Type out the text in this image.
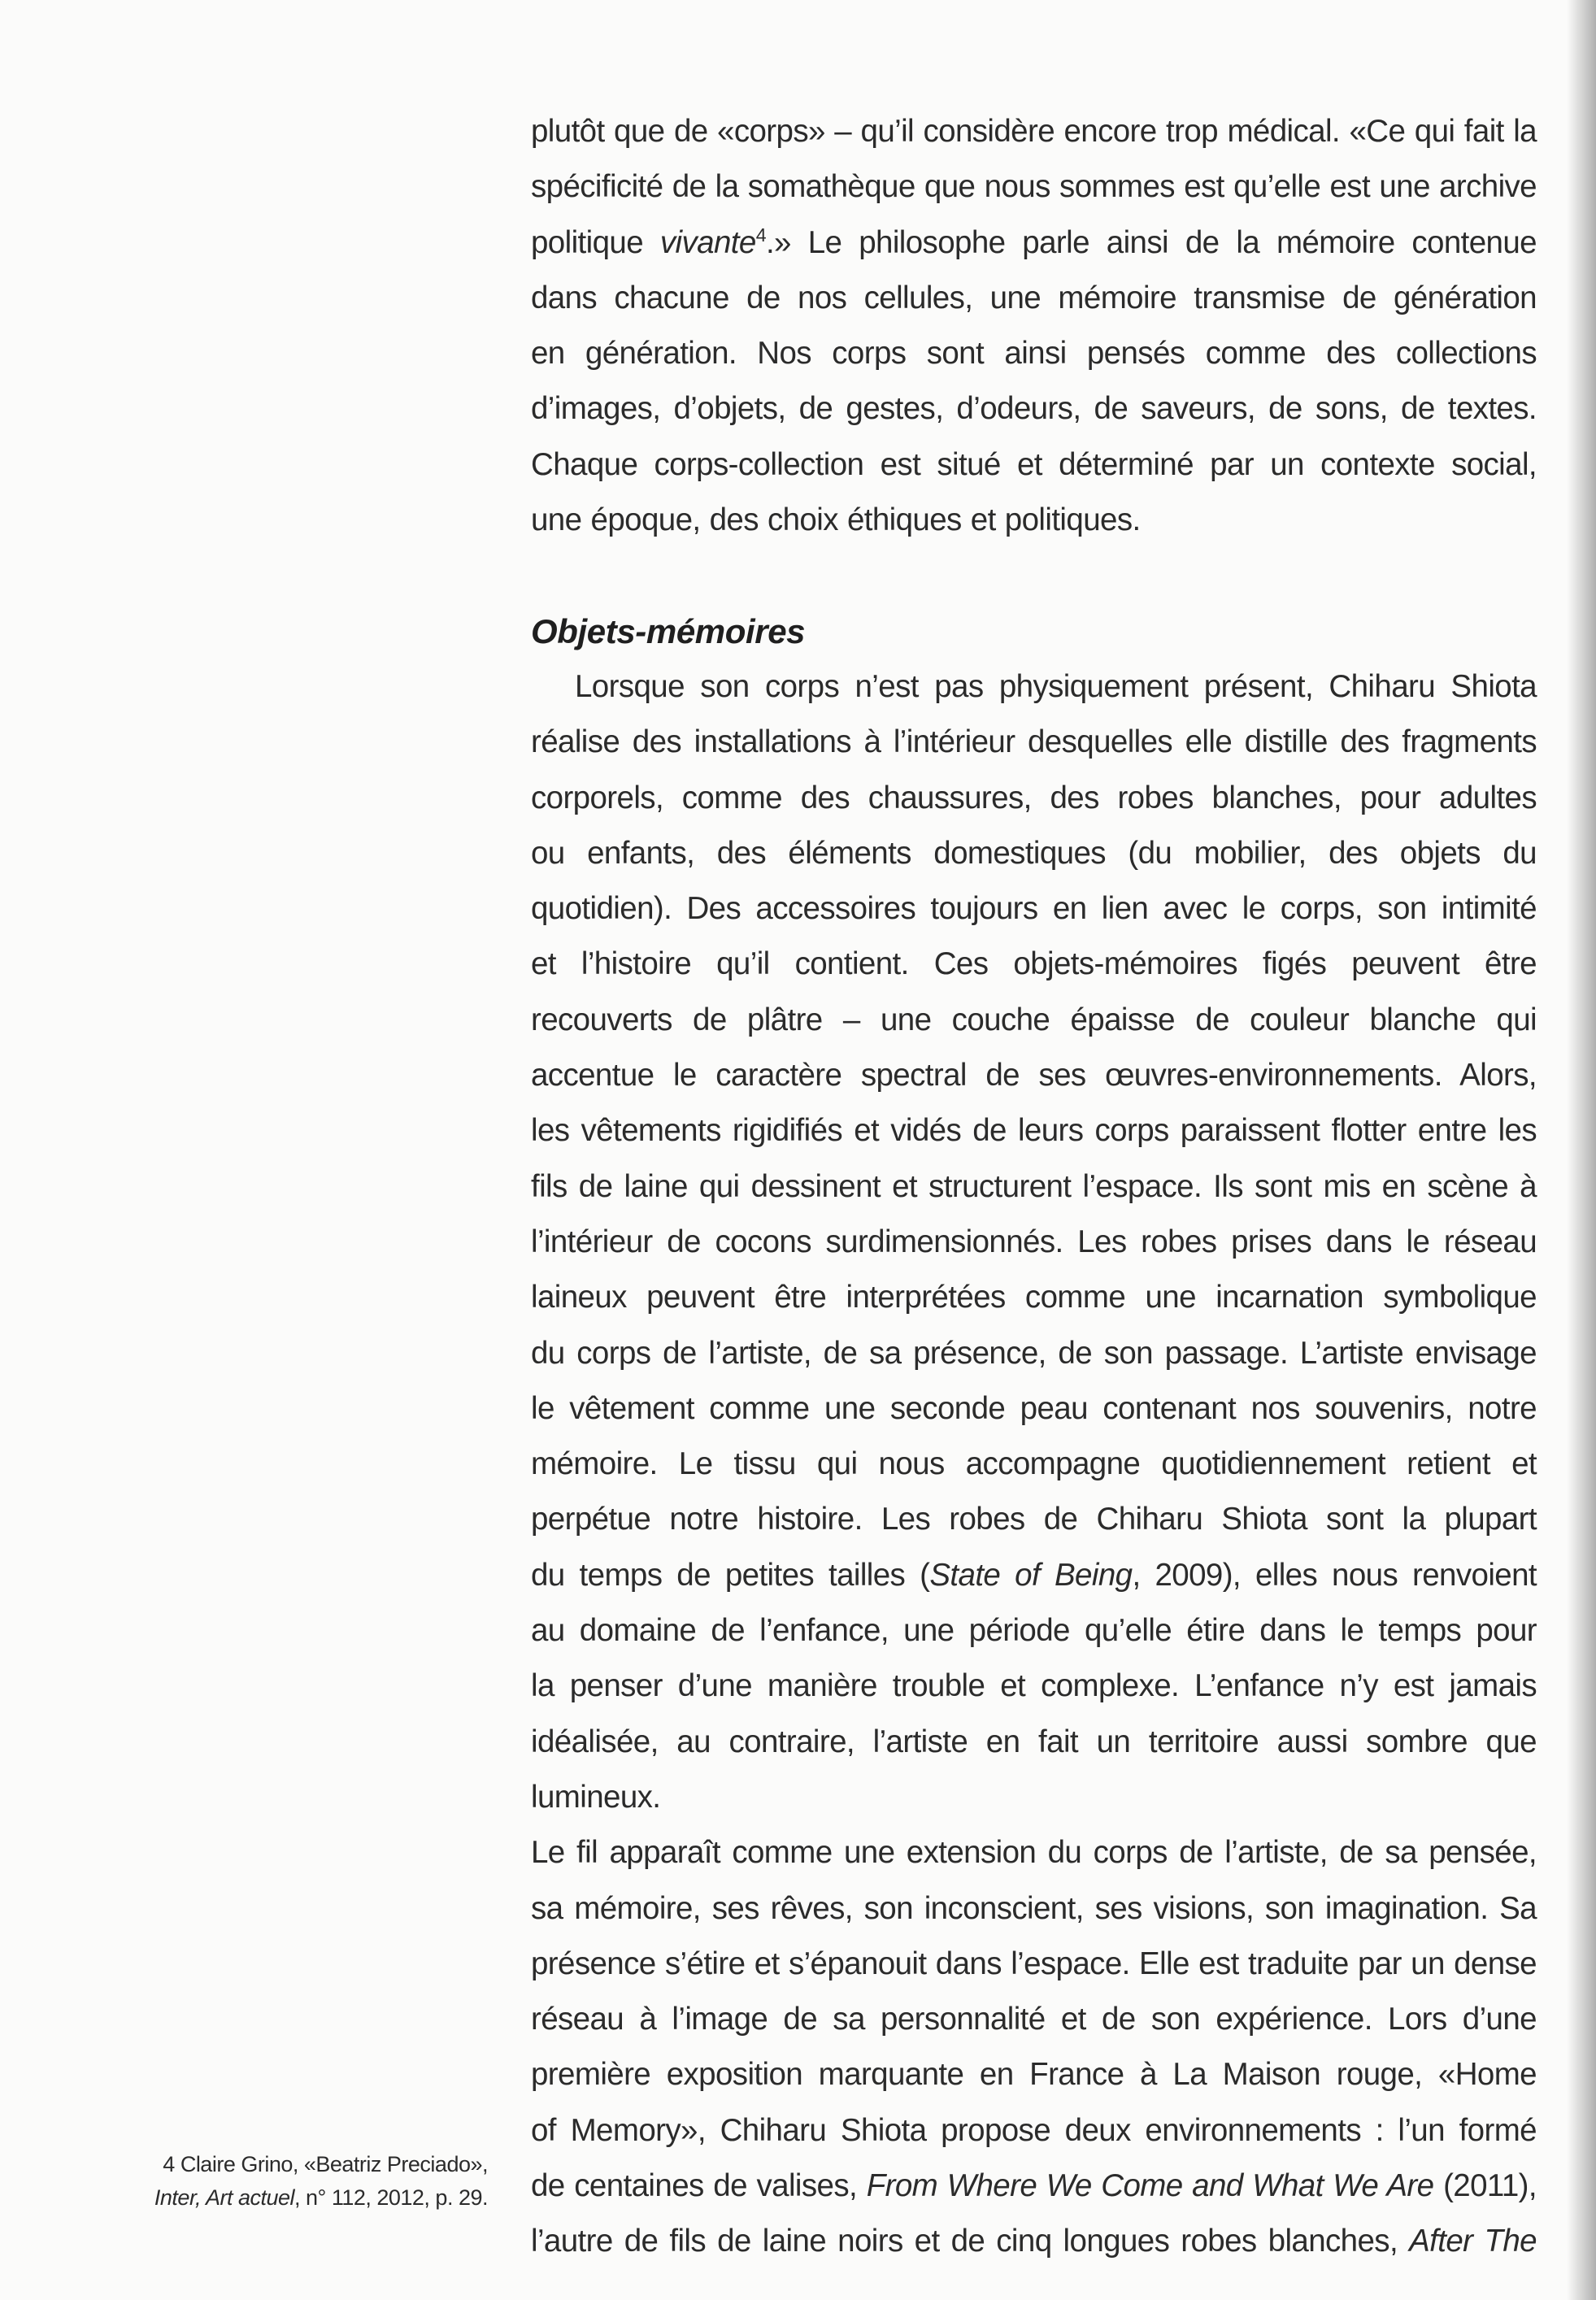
plutôt que de «corps» – qu’il considère encore trop médical. «Ce qui fait la
spécificité de la somathèque que nous sommes est qu’elle est une archive
politique vivante$^4$.» Le philosophe parle ainsi de la mémoire contenue
dans chacune de nos cellules, une mémoire transmise de génération
en génération. Nos corps sont ainsi pensés comme des collections
d’images, d’objets, de gestes, d’odeurs, de saveurs, de sons, de textes.
Chaque corps-collection est situé et déterminé par un contexte social,
une époque, des choix éthiques et politiques.
Objets-mémoires
Lorsque son corps n’est pas physiquement présent, Chiharu Shiota
réalise des installations à l’intérieur desquelles elle distille des fragments
corporels, comme des chaussures, des robes blanches, pour adultes
ou enfants, des éléments domestiques (du mobilier, des objets du
quotidien). Des accessoires toujours en lien avec le corps, son intimité
et l’histoire qu’il contient. Ces objets-mémoires figés peuvent être
recouverts de plâtre – une couche épaisse de couleur blanche qui
accentue le caractère spectral de ses œuvres-environnements. Alors,
les vêtements rigidifiés et vidés de leurs corps paraissent flotter entre les
fils de laine qui dessinent et structurent l’espace. Ils sont mis en scène à
l’intérieur de cocons surdimensionnés. Les robes prises dans le réseau
laineux peuvent être interprétées comme une incarnation symbolique
du corps de l’artiste, de sa présence, de son passage. L’artiste envisage
le vêtement comme une seconde peau contenant nos souvenirs, notre
mémoire. Le tissu qui nous accompagne quotidiennement retient et
perpétue notre histoire. Les robes de Chiharu Shiota sont la plupart
du temps de petites tailles (State of Being, 2009), elles nous renvoient
au domaine de l’enfance, une période qu’elle étire dans le temps pour
la penser d’une manière trouble et complexe. L’enfance n’y est jamais
idéalisée, au contraire, l’artiste en fait un territoire aussi sombre que
lumineux.
Le fil apparaît comme une extension du corps de l’artiste, de sa pensée,
sa mémoire, ses rêves, son inconscient, ses visions, son imagination. Sa
présence s’étire et s’épanouit dans l’espace. Elle est traduite par un dense
réseau à l’image de sa personnalité et de son expérience. Lors d’une
première exposition marquante en France à La Maison rouge, «Home
of Memory», Chiharu Shiota propose deux environnements : l’un formé
de centaines de valises, From Where We Come and What We Are (2011),
l’autre de fils de laine noirs et de cinq longues robes blanches, After The
4 Claire Grino, «Beatriz Preciado»,
Inter, Art actuel, n° 112, 2012, p. 29.
